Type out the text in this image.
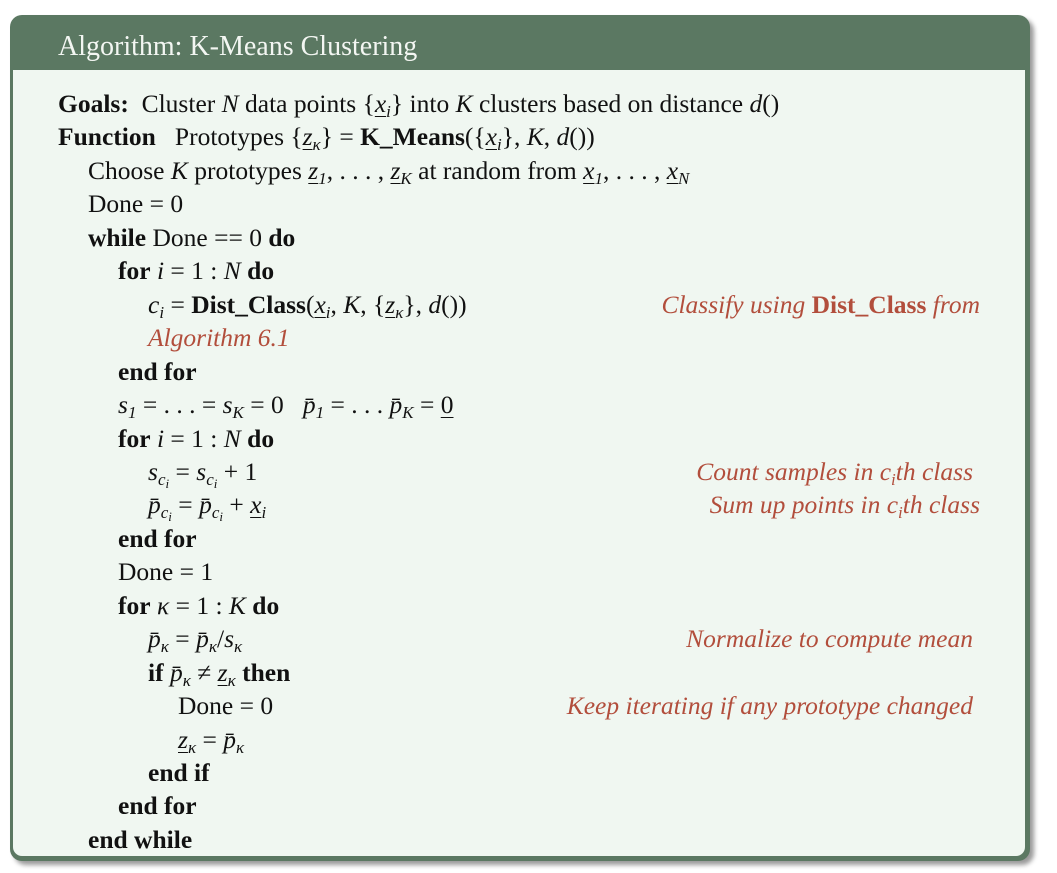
Algorithm: K-Means Clustering
Goals:  Cluster N data points $\{x_i\}$ into K clusters based on distance d()
Function   Prototypes $\{z_\kappa\}$ = $K\_Means(\{x_i\}$, K, d())
Choose K prototypes $z_1$, . . . , $z_K$ at random from $x_1$, . . . , $x_N$
Done = 0
while Done == 0 do
for i = 1 : N do
$c_i$ = $Dist\_Class(x_i$, K, $\{z_\kappa\}$, d())	Classify using Dist_Class from
Algorithm 6.1
end for
$s_1$ = . . . = $s_K = 0$   $p̄_1$ = . . . $p̄_K = 0$
for i = 1 : N do
$s_{c_i} = s_{c_i} + 1$	Count samples in $c_ith$ class
$p̄_{c_i}$ = $p̄_{c_i} + x_i$	Sum up points in $c_ith$ class
end for
Done = 1
for κ = 1 : K do
$p̄_\kappa$ = $p̄_\kappa/s_\kappa$	Normalize to compute mean
if $p̄_\kappa \ne z_\kappa$ then
Done = 0	Keep iterating if any prototype changed
$z_\kappa$ = $p̄_\kappa$
end if
end for
end while
